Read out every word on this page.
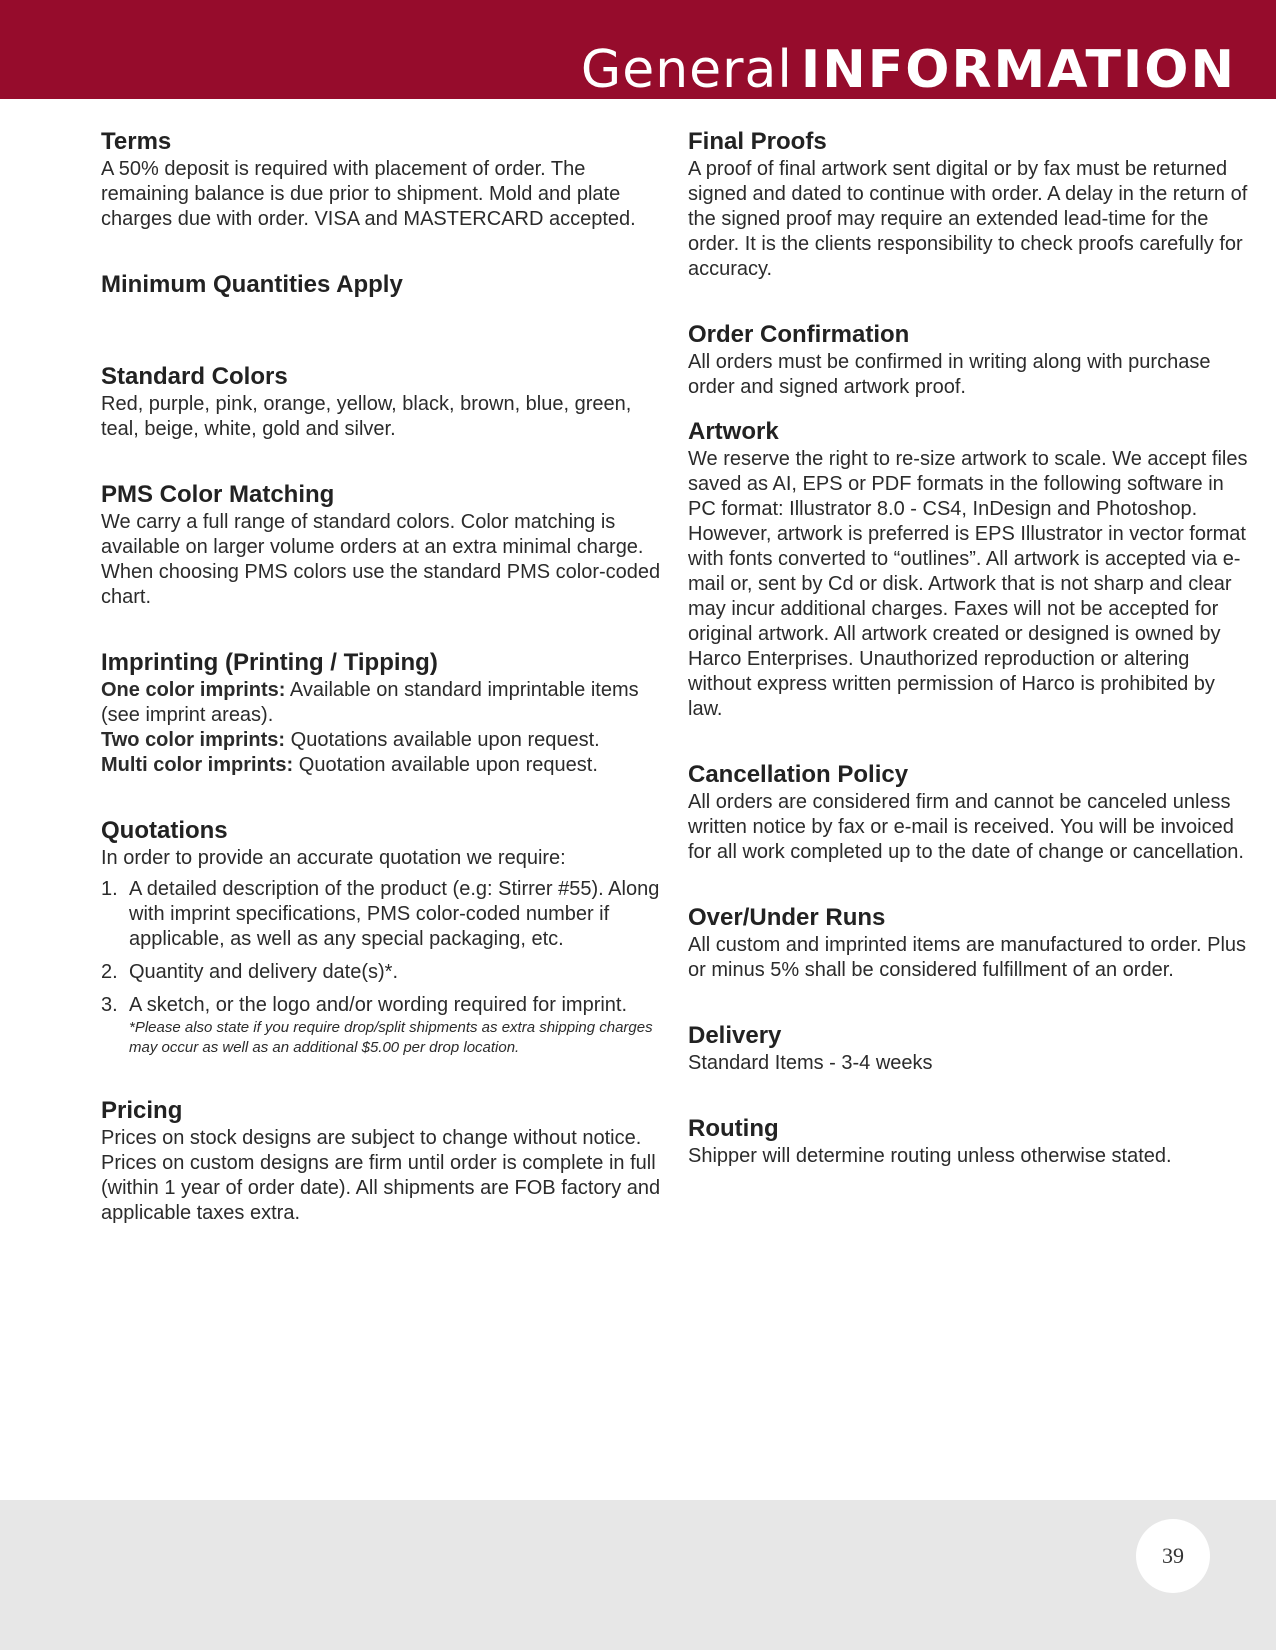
General INFORMATION
Terms

A 50% deposit is required with placement of order. The remaining balance is due prior to shipment. Mold and plate charges due with order. VISA and MASTERCARD accepted.

Minimum Quantities Apply
Standard Colors

Red, purple, pink, orange, yellow, black, brown, blue, green, teal, beige, white, gold and silver.

PMS Color Matching

We carry a full range of standard colors. Color matching is available on larger volume orders at an extra minimal charge. When choosing PMS colors use the standard PMS color-coded chart.

Imprinting (Printing / Tipping)

One color imprints: Available on standard imprintable items (see imprint areas).

Two color imprints: Quotations available upon request.

Multi color imprints: Quotation available upon request.

Quotations

In order to provide an accurate quotation we require:

1. A detailed description of the product (e.g: Stirrer #55). Along with imprint specifications, PMS color-coded number if applicable, as well as any special packaging, etc.
2. Quantity and delivery date(s)*.
3. A sketch, or the logo and/or wording required for imprint.
*Please also state if you require drop/split shipments as extra shipping charges may occur as well as an additional $5.00 per drop location.
Pricing

Prices on stock designs are subject to change without notice. Prices on custom designs are firm until order is complete in full (within 1 year of order date). All shipments are FOB factory and applicable taxes extra.

Final Proofs

A proof of final artwork sent digital or by fax must be returned signed and dated to continue with order. A delay in the return of the signed proof may require an extended lead-time for the order. It is the clients responsibility to check proofs carefully for accuracy.

Order Confirmation

All orders must be confirmed in writing along with purchase order and signed artwork proof.

Artwork

We reserve the right to re-size artwork to scale. We accept files saved as AI, EPS or PDF formats in the following software in PC format: Illustrator 8.0 - CS4, InDesign and Photoshop. However, artwork is preferred is EPS Illustrator in vector format with fonts converted to “outlines”. All artwork is accepted via e-mail or, sent by Cd or disk. Artwork that is not sharp and clear may incur additional charges. Faxes will not be accepted for original artwork. All artwork created or designed is owned by Harco Enterprises. Unauthorized reproduction or altering without express written permission of Harco is prohibited by law.

Cancellation Policy

All orders are considered firm and cannot be canceled unless written notice by fax or e-mail is received. You will be invoiced for all work completed up to the date of change or cancellation.

Over/Under Runs

All custom and imprinted items are manufactured to order. Plus or minus 5% shall be considered fulfillment of an order.

Delivery

Standard Items - 3-4 weeks

Routing

Shipper will determine routing unless otherwise stated.

39
